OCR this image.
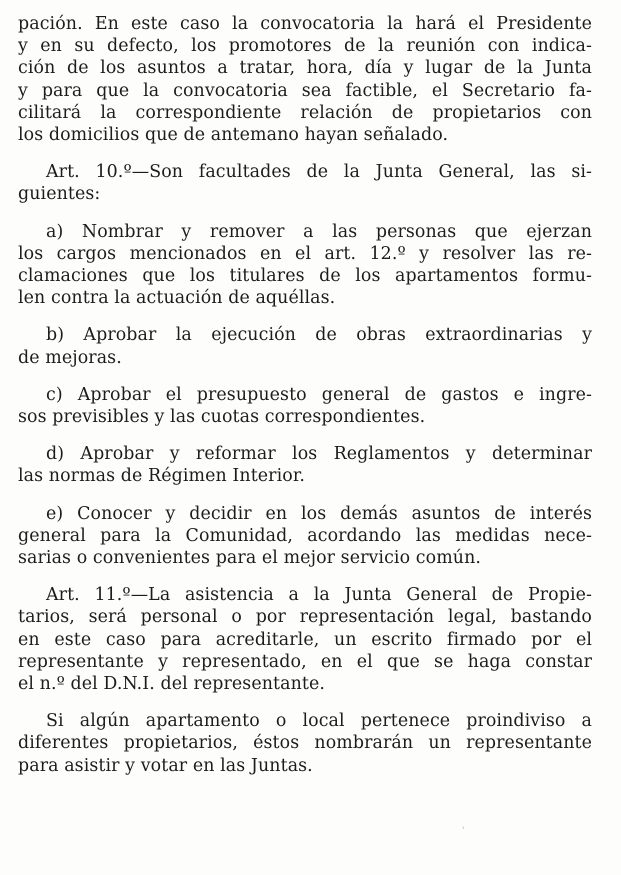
pación. En este caso la convocatoria la hará el Presidente
y en su defecto, los promotores de la reunión con indica-
ción de los asuntos a tratar, hora, día y lugar de la Junta
y para que la convocatoria sea factible, el Secretario fa-
cilitará la correspondiente relación de propietarios con
los domicilios que de antemano hayan señalado.
Art. 10.º—Son facultades de la Junta General, las si-
guientes:
a) Nombrar y remover a las personas que ejerzan
los cargos mencionados en el art. 12.º y resolver las re-
clamaciones que los titulares de los apartamentos formu-
len contra la actuación de aquéllas.
b) Aprobar la ejecución de obras extraordinarias y
de mejoras.
c) Aprobar el presupuesto general de gastos e ingre-
sos previsibles y las cuotas correspondientes.
d) Aprobar y reformar los Reglamentos y determinar
las normas de Régimen Interior.
e) Conocer y decidir en los demás asuntos de interés
general para la Comunidad, acordando las medidas nece-
sarias o convenientes para el mejor servicio común.
Art. 11.º—La asistencia a la Junta General de Propie-
tarios, será personal o por representación legal, bastando
en este caso para acreditarle, un escrito firmado por el
representante y representado, en el que se haga constar
el n.º del D.N.I. del representante.
Si algún apartamento o local pertenece proindiviso a
diferentes propietarios, éstos nombrarán un representante
para asistir y votar en las Juntas.
'
